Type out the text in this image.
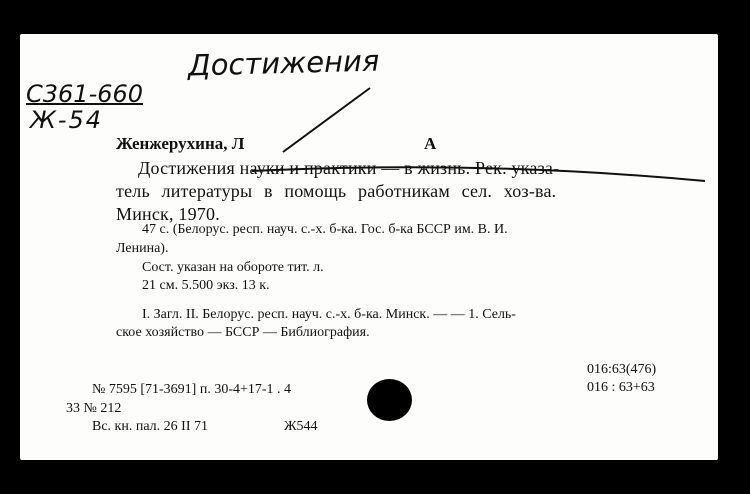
Достижения
С361-660
Ж-54
Женжерухина, Л	А
Достижения науки и практики — в жизнь. Рек. указа-
тель литературы в помощь работникам сел. хоз-ва.
Минск, 1970.
47 с. (Белорус. респ. науч. с.-х. б-ка. Гос. б-ка БССР им. В. И.
Ленина).
Сост. указан на обороте тит. л.
21 см. 5.500 экз. 13 к.
I. Загл. II. Белорус. респ. науч. с.-х. б-ка. Минск. — — 1. Сель-
ское хозяйство — БССР — Библиография.
016:63(476)
016 : 63+63
№ 7595 [71-3691] п. 30-4+17-1 . 4
33 № 212
Вс. кн. пал. 26 II 71	Ж544
